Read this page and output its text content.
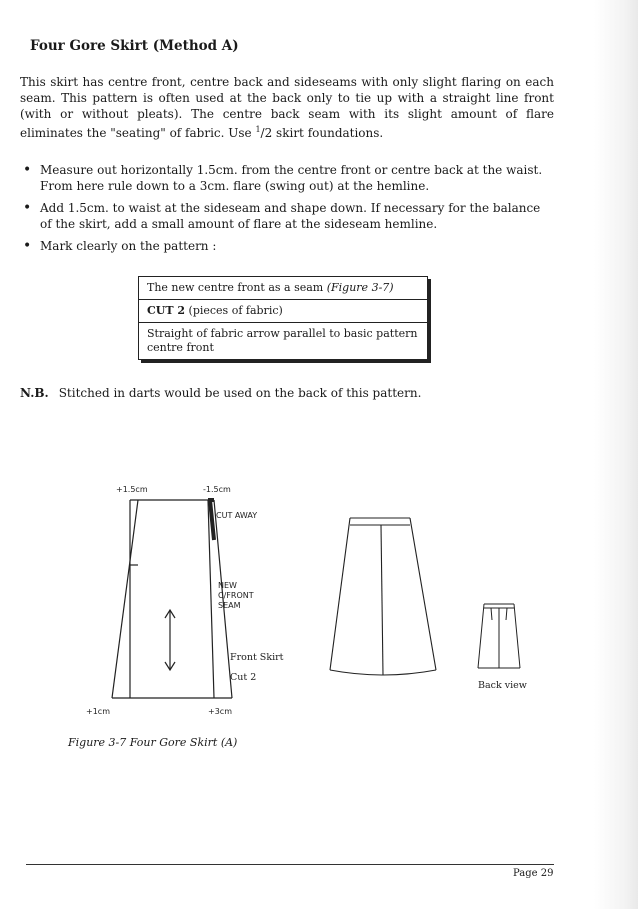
Four Gore Skirt (Method A)
This skirt has centre front, centre back and sideseams with only slight flaring on each seam. This pattern is often used at the back only to tie up with a straight line front (with or without pleats). The centre back seam with its slight amount of flare eliminates the "seating" of fabric. Use $^1$/2 skirt foundations.
• Measure out horizontally 1.5cm. from the centre front or centre back at the waist. From here rule down to a 3cm. flare (swing out) at the hemline.
• Add 1.5cm. to waist at the sideseam and shape down. If necessary for the balance of the skirt, add a small amount of flare at the sideseam hemline.
• Mark clearly on the pattern :
The new centre front as a seam (Figure 3-7)
CUT 2 (pieces of fabric)
Straight of fabric arrow parallel to basic pattern centre front
N.B. Stitched in darts would be used on the back of this pattern.
+1.5cm	-1.5cm
CUT AWAY
NEW
C/FRONT
SEAM
Front Skirt
Cut 2
+1cm	+3cm
Back view
Figure 3-7 Four Gore Skirt (A)
Page 29
